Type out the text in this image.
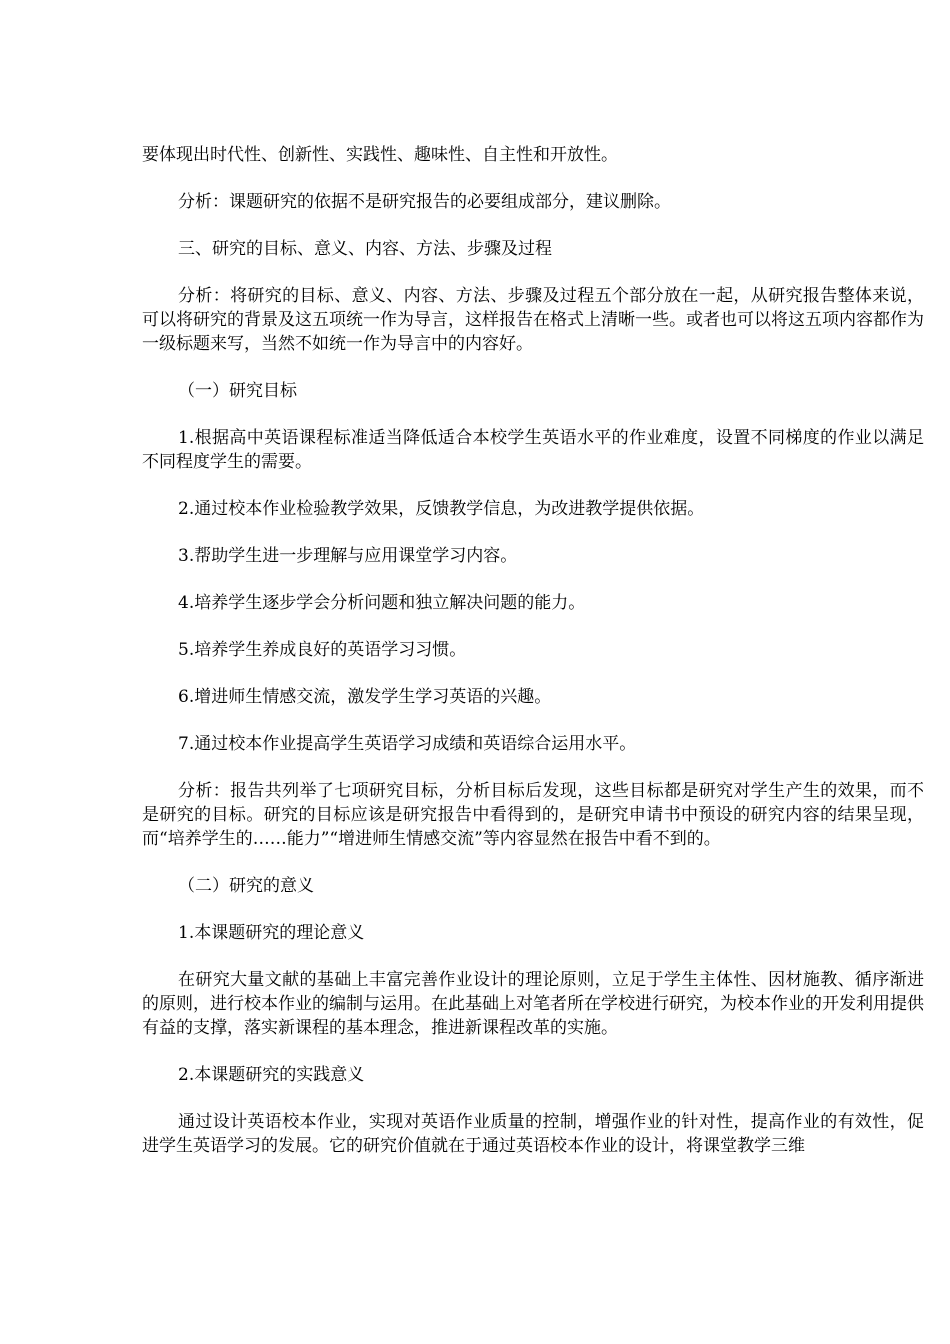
要体现出时代性、创新性、实践性、趣味性、自主性和开放性。

分析：课题研究的依据不是研究报告的必要组成部分，建议删除。

三、研究的目标、意义、内容、方法、步骤及过程

分析：将研究的目标、意义、内容、方法、步骤及过程五个部分放在一起，从研究报告整体来说，可以将研究的背景及这五项统一作为导言，这样报告在格式上清晰一些。或者也可以将这五项内容都作为一级标题来写，当然不如统一作为导言中的内容好。

（一）研究目标

1.根据高中英语课程标准适当降低适合本校学生英语水平的作业难度，设置不同梯度的作业以满足不同程度学生的需要。

2.通过校本作业检验教学效果，反馈教学信息，为改进教学提供依据。

3.帮助学生进一步理解与应用课堂学习内容。

4.培养学生逐步学会分析问题和独立解决问题的能力。

5.培养学生养成良好的英语学习习惯。

6.增进师生情感交流，激发学生学习英语的兴趣。

7.通过校本作业提高学生英语学习成绩和英语综合运用水平。

分析：报告共列举了七项研究目标，分析目标后发现，这些目标都是研究对学生产生的效果，而不是研究的目标。研究的目标应该是研究报告中看得到的，是研究申请书中预设的研究内容的结果呈现，而“培养学生的……能力”“增进师生情感交流”等内容显然在报告中看不到的。

（二）研究的意义

1.本课题研究的理论意义

在研究大量文献的基础上丰富完善作业设计的理论原则，立足于学生主体性、因材施教、循序渐进的原则，进行校本作业的编制与运用。在此基础上对笔者所在学校进行研究，为校本作业的开发利用提供有益的支撑，落实新课程的基本理念，推进新课程改革的实施。

2.本课题研究的实践意义

通过设计英语校本作业，实现对英语作业质量的控制，增强作业的针对性，提高作业的有效性，促进学生英语学习的发展。它的研究价值就在于通过英语校本作业的设计，将课堂教学三维
